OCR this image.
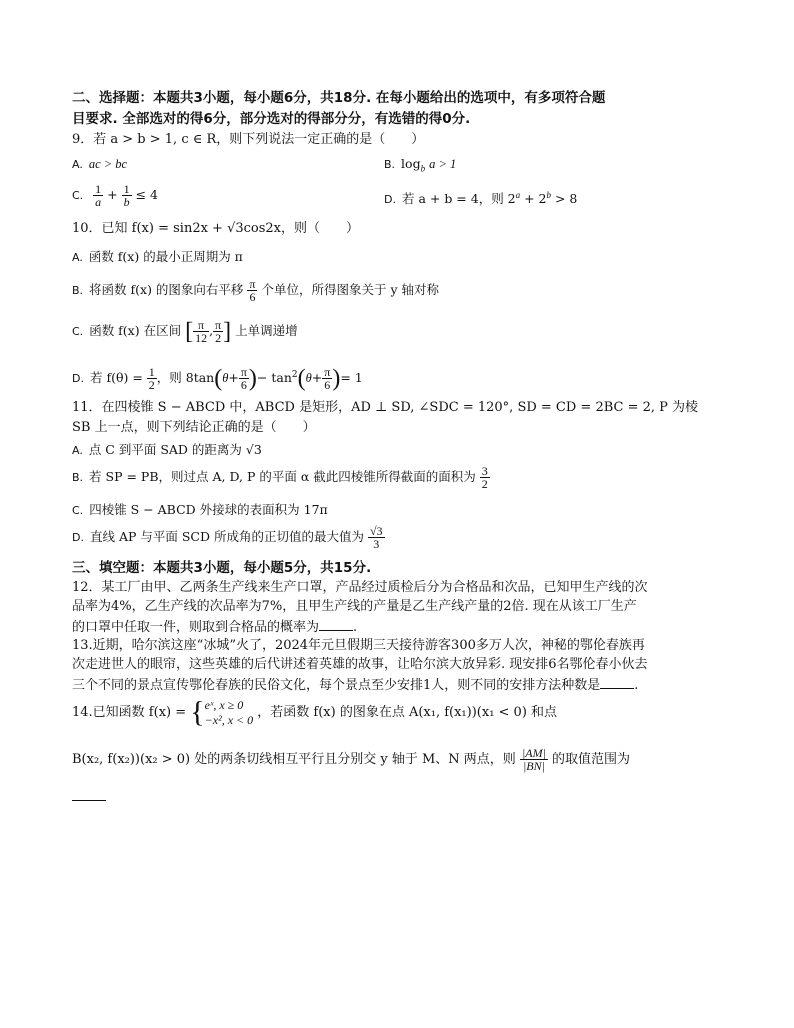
二、选择题：本题共3小题，每小题6分，共18分. 在每小题给出的选项中，有多项符合题
目要求. 全部选对的得6分，部分选对的得部分分，有选错的得0分.
9．若 a > b > 1, c ∈ R，则下列说法一定正确的是（　　）
A. ac > bc	B. $\log_b a > 1$
C. $\frac{1}{a} + \frac{1}{b} \le 4$	D. 若 a + b = 4，则 $2^a + 2^b > 8$
10．已知 f(x) = sin2x + √3cos2x，则（　　）
A. 函数 f(x) 的最小正周期为 π
B. 将函数 f(x) 的图象向右平移 $\frac{\pi}{6}$ 个单位，所得图象关于 y 轴对称
C. 函数 f(x) 在区间 [ $\frac{\pi}{12}$ , $\frac{\pi}{2}$ ] 上单调递增
D. 若 $f(\theta) = \frac{1}{2}$ ，则 $8\tan(\theta+ \frac{\pi}{6}$ )− $\tan^2(\theta+ \frac{\pi}{6}$ )= 1
11．在四棱锥 S − ABCD 中，ABCD 是矩形，AD ⊥ SD, ∠SDC = 120°, SD = CD = 2BC = 2, P 为棱
SB 上一点，则下列结论正确的是（　　）
A. 点 C 到平面 SAD 的距离为 √3
B. 若 SP = PB，则过点 A, D, P 的平面 α 截此四棱锥所得截面的面积为 $\frac{3}{2}$
C. 四棱锥 S − ABCD 外接球的表面积为 17π
D. 直线 AP 与平面 SCD 所成角的正切值的最大值为 $\frac{√3}{3}$
三、填空题：本题共3小题，每小题5分，共15分.
12．某工厂由甲、乙两条生产线来生产口罩，产品经过质检后分为合格品和次品，已知甲生产线的次
品率为4%，乙生产线的次品率为7%，且甲生产线的产量是乙生产线产量的2倍. 现在从该工厂生产
的口罩中任取一件，则取到合格品的概率为	.
13.近期，哈尔滨这座“冰城”火了，2024年元旦假期三天接待游客300多万人次，神秘的鄂伦春族再
次走进世人的眼帘，这些英雄的后代讲述着英雄的故事，让哈尔滨大放异彩. 现安排6名鄂伦春小伙去
三个不同的景点宣传鄂伦春族的民俗文化，每个景点至少安排1人，则不同的安排方法种数是	.
14.已知函数 f(x) = { eˣ, x ≥ 0
−x², x < 0 ，若函数 f(x) 的图象在点 A(x₁, f(x₁))(x₁ < 0) 和点
B(x₂, f(x₂))(x₂ > 0) 处的两条切线相互平行且分别交 y 轴于 M、N 两点，则 $\frac{|AM|}{|BN|}$ 的取值范围为
